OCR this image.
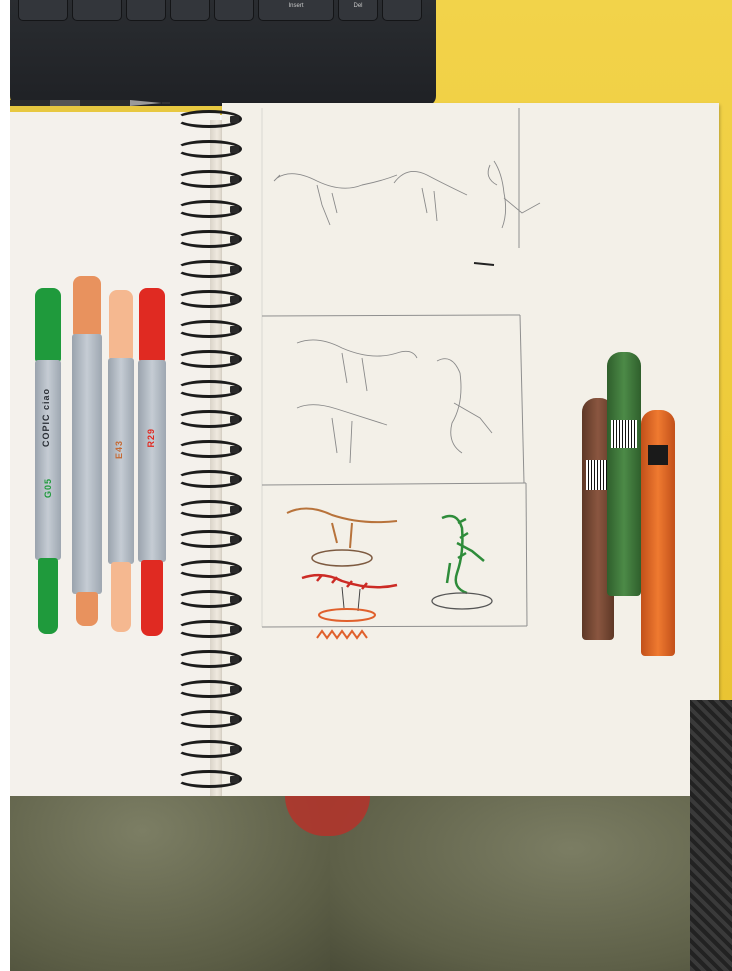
Insert	Del
COPIC ciao
G05
E43
R29
